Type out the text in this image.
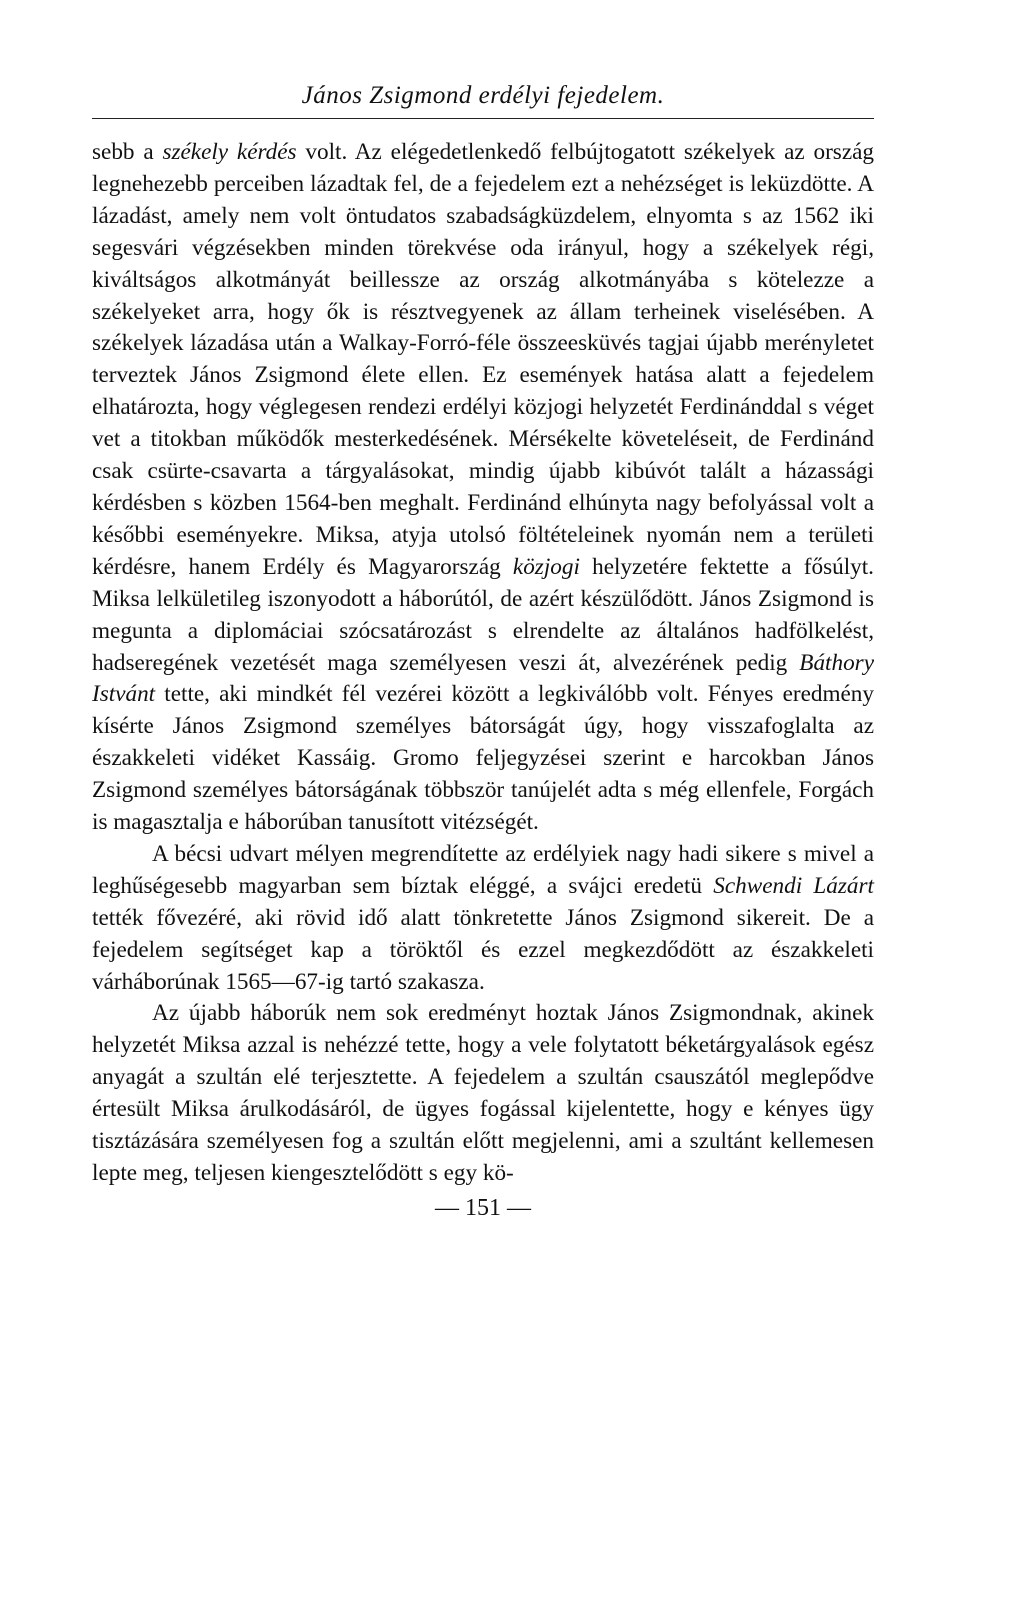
János Zsigmond erdélyi fejedelem.

sebb a székely kérdés volt. Az elégedetlenkedő felbújtogatott székelyek az ország legnehezebb perceiben lázadtak fel, de a fejedelem ezt a nehézséget is leküzdötte. A lázadást, amely nem volt öntudatos szabadságküzdelem, elnyomta s az 1562 iki segesvári végzésekben minden törekvése oda irányul, hogy a székelyek régi, kiváltságos alkotmányát beillessze az ország alkotmányába s kötelezze a székelyeket arra, hogy ők is résztvegyenek az állam terheinek viselésében. A székelyek lázadása után a Walkay-Forró-féle összeesküvés tagjai újabb merényletet terveztek János Zsigmond élete ellen. Ez események hatása alatt a fejedelem elhatározta, hogy véglegesen rendezi erdélyi közjogi helyzetét Ferdinánddal s véget vet a titokban működők mesterkedésének. Mérsékelte követeléseit, de Ferdinánd csak csürte-csavarta a tárgyalásokat, mindig újabb kibúvót talált a házassági kérdésben s közben 1564-ben meghalt. Ferdinánd elhúnyta nagy befolyással volt a későbbi eseményekre. Miksa, atyja utolsó föltételeinek nyomán nem a területi kérdésre, hanem Erdély és Magyarország közjogi helyzetére fektette a fősúlyt. Miksa lelkületileg iszonyodott a háborútól, de azért készülődött. János Zsigmond is megunta a diplomáciai szócsatározást s elrendelte az általános hadfölkelést, hadseregének vezetését maga személyesen veszi át, alvezérének pedig Báthory Istvánt tette, aki mindkét fél vezérei között a legkiválóbb volt. Fényes eredmény kísérte János Zsigmond személyes bátorságát úgy, hogy visszafoglalta az északkeleti vidéket Kassáig. Gromo feljegyzései szerint e harcokban János Zsigmond személyes bátorságának többször tanújelét adta s még ellenfele, Forgách is magasztalja e háborúban tanusított vitézségét.

A bécsi udvart mélyen megrendítette az erdélyiek nagy hadi sikere s mivel a leghűségesebb magyarban sem bíztak eléggé, a svájci eredetü Schwendi Lázárt tették fővezéré, aki rövid idő alatt tönkretette János Zsigmond sikereit. De a fejedelem segítséget kap a töröktől és ezzel megkezdődött az északkeleti várháborúnak 1565—67-ig tartó szakasza.

Az újabb háborúk nem sok eredményt hoztak János Zsigmondnak, akinek helyzetét Miksa azzal is nehézzé tette, hogy a vele folytatott béketárgyalások egész anyagát a szultán elé terjesztette. A fejedelem a szultán csauszától meglepődve értesült Miksa árulkodásáról, de ügyes fogással kijelentette, hogy e kényes ügy tisztázására személyesen fog a szultán előtt megjelenni, ami a szultánt kellemesen lepte meg, teljesen kiengesztelődött s egy kö-

— 151 —
